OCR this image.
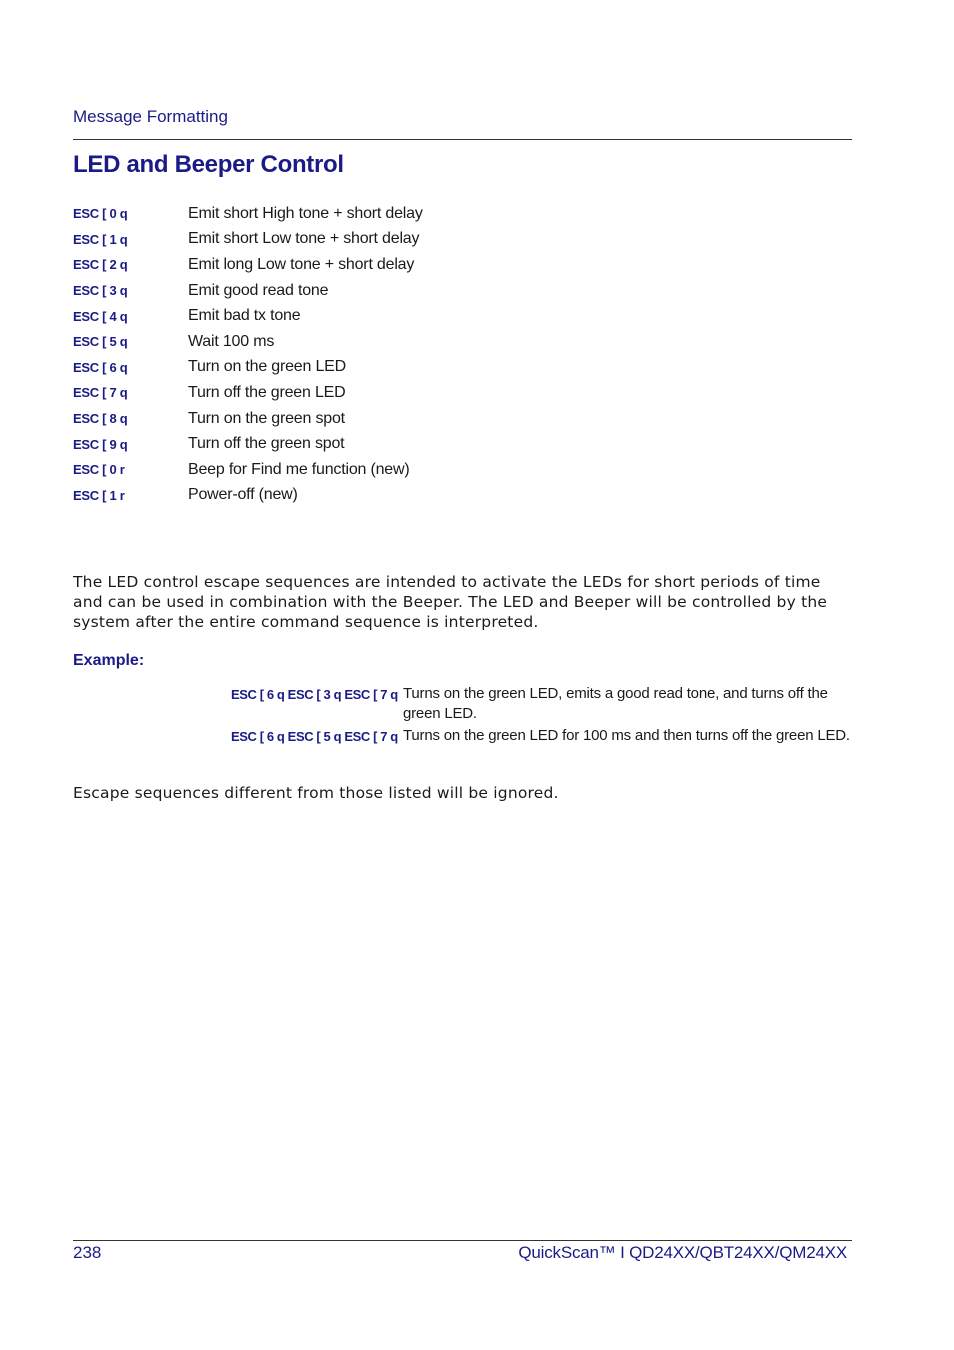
Message Formatting
LED and Beeper Control
ESC [ 0 q	Emit short High tone + short delay
ESC [ 1 q	Emit short Low tone + short delay
ESC [ 2 q	Emit long Low tone + short delay
ESC [ 3 q	Emit good read tone
ESC [ 4 q	Emit bad tx tone
ESC [ 5 q	Wait 100 ms
ESC [ 6 q	Turn on the green LED
ESC [ 7 q	Turn off the green LED
ESC [ 8 q	Turn on the green spot
ESC [ 9 q	Turn off the green spot
ESC [ 0 r	Beep for Find me function (new)
ESC [ 1 r	Power-off (new)
The LED control escape sequences are intended to activate the LEDs for short periods of time and can be used in combination with the Beeper. The LED and Beeper will be controlled by the system after the entire command sequence is interpreted.
Example:
ESC [ 6 q ESC [ 3 q ESC [ 7 q Turns on the green LED, emits a good read tone, and turns off the green LED.
ESC [ 6 q ESC [ 5 q ESC [ 7 q Turns on the green LED for 100 ms and then turns off the green LED.
Escape sequences different from those listed will be ignored.
238	QuickScan™ I QD24XX/QBT24XX/QM24XX
